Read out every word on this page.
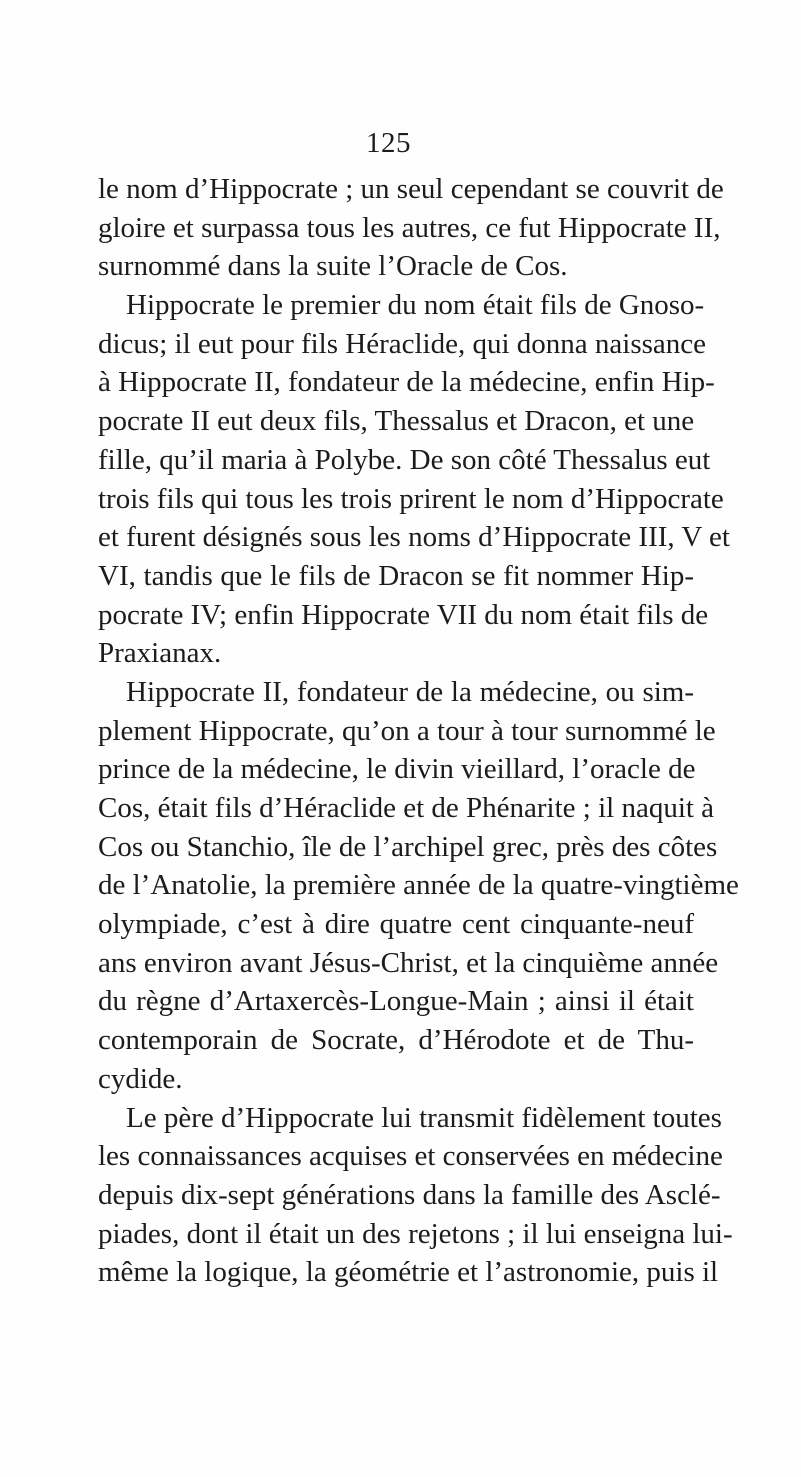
125
le nom d’Hippocrate ; un seul cependant se couvrit de
gloire et surpassa tous les autres, ce fut Hippocrate II,
surnommé dans la suite l’Oracle de Cos.
Hippocrate le premier du nom était fils de Gnoso-
dicus; il eut pour fils Héraclide, qui donna naissance
à Hippocrate II, fondateur de la médecine, enfin Hip-
pocrate II eut deux fils, Thessalus et Dracon, et une
fille, qu’il maria à Polybe. De son côté Thessalus eut
trois fils qui tous les trois prirent le nom d’Hippocrate
et furent désignés sous les noms d’Hippocrate III, V et
VI, tandis que le fils de Dracon se fit nommer Hip-
pocrate IV; enfin Hippocrate VII du nom était fils de
Praxianax.
Hippocrate II, fondateur de la médecine, ou sim-
plement Hippocrate, qu’on a tour à tour surnommé le
prince de la médecine, le divin vieillard, l’oracle de
Cos, était fils d’Héraclide et de Phénarite ; il naquit à
Cos ou Stanchio, île de l’archipel grec, près des côtes
de l’Anatolie, la première année de la quatre-vingtième
olympiade, c’est à dire quatre cent cinquante-neuf
ans environ avant Jésus-Christ, et la cinquième année
du règne d’Artaxercès-Longue-Main ; ainsi il était
contemporain de Socrate, d’Hérodote et de Thu-
cydide.
Le père d’Hippocrate lui transmit fidèlement toutes
les connaissances acquises et conservées en médecine
depuis dix-sept générations dans la famille des Asclé-
piades, dont il était un des rejetons ; il lui enseigna lui-
même la logique, la géométrie et l’astronomie, puis il
